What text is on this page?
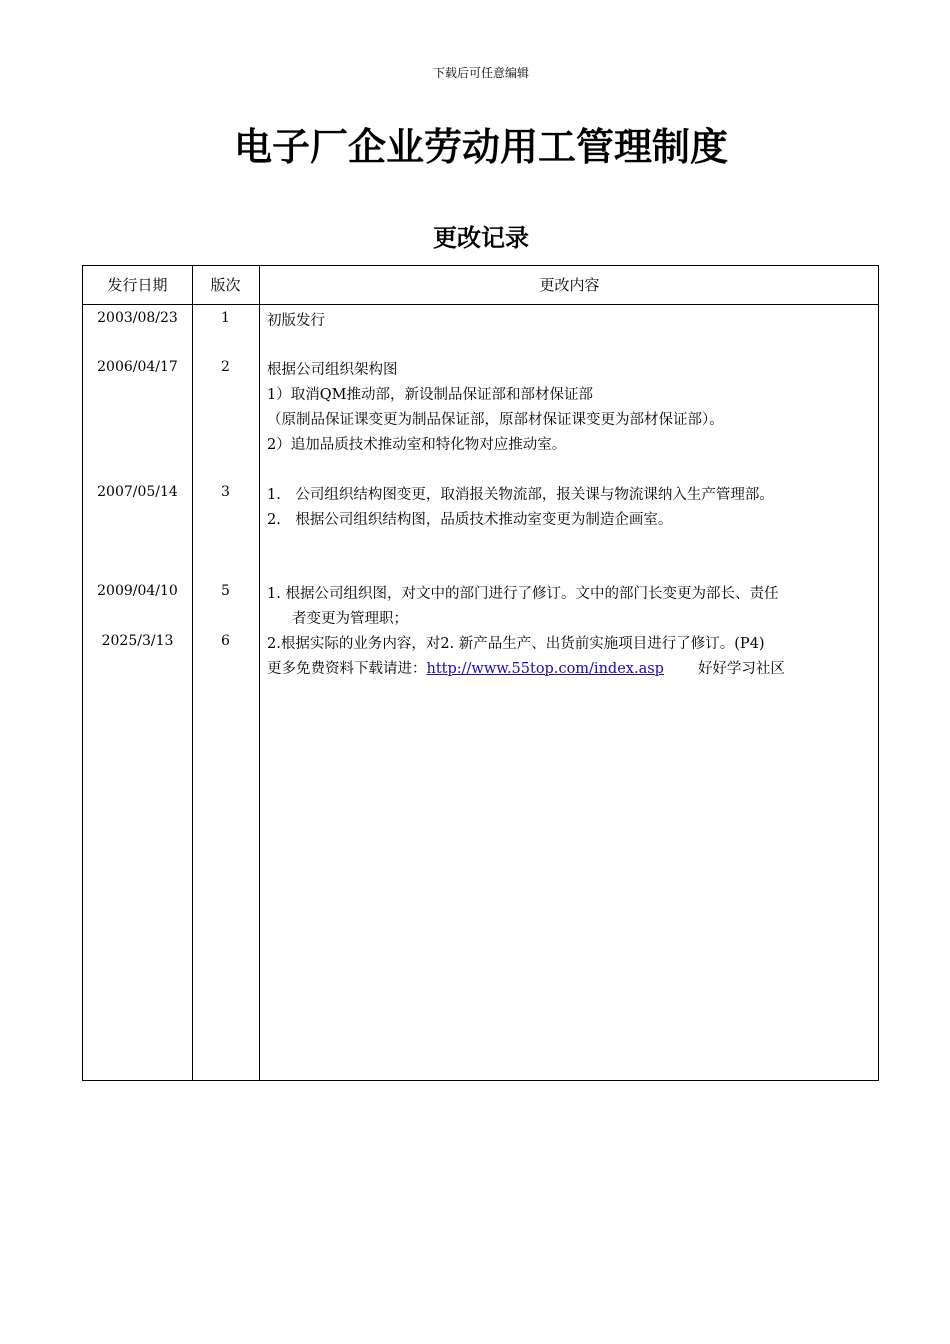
下载后可任意编辑
电子厂企业劳动用工管理制度
更改记录
发行日期	版次	更改内容
2003/08/23	1	初版发行
2006/04/17	2	根据公司组织架构图
1）取消QM推动部，新设制品保证部和部材保证部
（原制品保证课变更为制品保证部，原部材保证课变更为部材保证部）。
2）追加品质技术推动室和特化物对应推动室。
2007/05/14	3	1.　公司组织结构图变更，取消报关物流部，报关课与物流课纳入生产管理部。
2.　根据公司组织结构图，品质技术推动室变更为制造企画室。
2009/04/10	5	1. 根据公司组织图，对文中的部门进行了修订。文中的部门长变更为部长、责任
者变更为管理职；
2025/3/13	6	2.根据实际的业务内容，对2. 新产品生产、出货前实施项目进行了修订。(P4)
更多免费资料下载请进：http://www.55top.com/index.asp 好好学习社区
